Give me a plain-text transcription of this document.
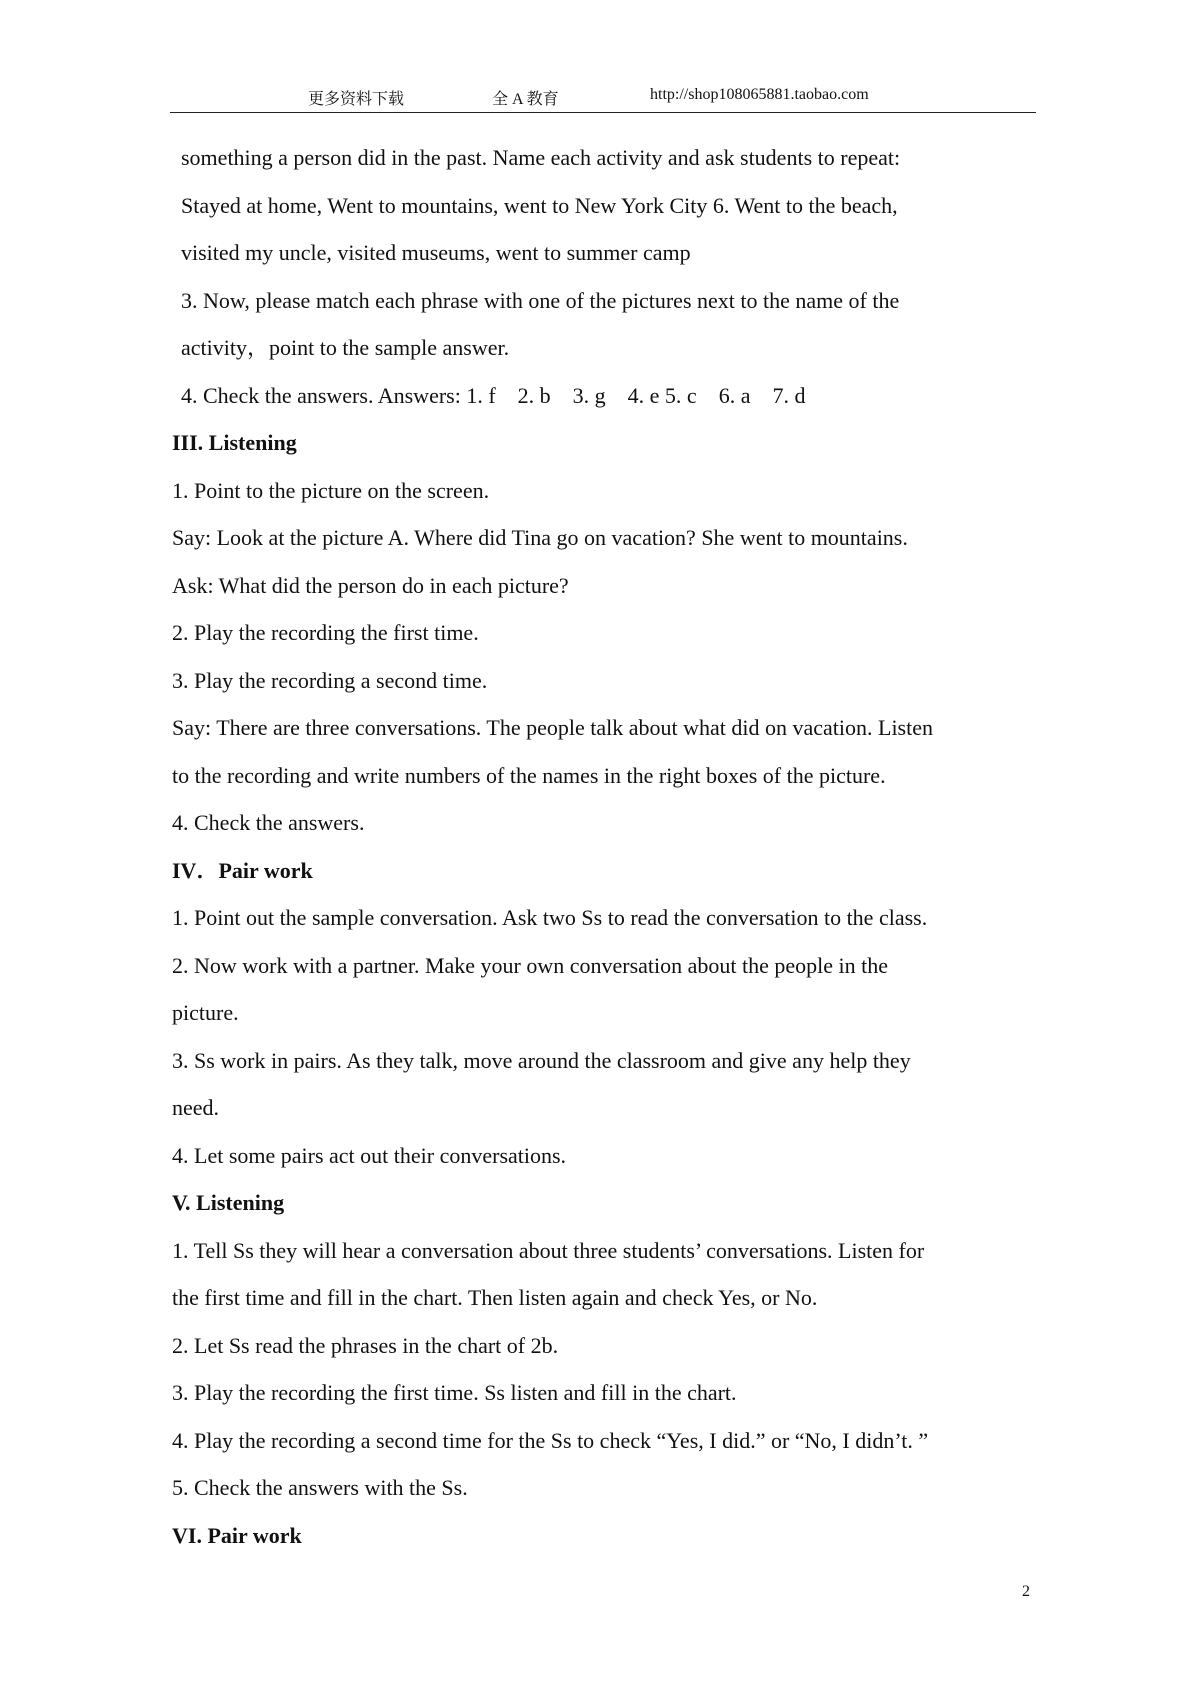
更多资料下载	全 A 教育	http://shop108065881.taobao.com

something a person did in the past. Name each activity and ask students to repeat:

Stayed at home, Went to mountains, went to New York City 6. Went to the beach,

visited my uncle, visited museums, went to summer camp

3. Now, please match each phrase with one of the pictures next to the name of the

activity，point to the sample answer.

4. Check the answers. Answers: 1. f    2. b    3. g    4. e 5. c    6. a    7. d

III. Listening

1. Point to the picture on the screen.

Say: Look at the picture A. Where did Tina go on vacation? She went to mountains.

Ask: What did the person do in each picture?

2. Play the recording the first time.

3. Play the recording a second time.

Say: There are three conversations. The people talk about what did on vacation. Listen

to the recording and write numbers of the names in the right boxes of the picture.

4. Check the answers.

IV．Pair work

1. Point out the sample conversation. Ask two Ss to read the conversation to the class.

2. Now work with a partner. Make your own conversation about the people in the

picture.

3. Ss work in pairs. As they talk, move around the classroom and give any help they

need.

4. Let some pairs act out their conversations.

V. Listening

1. Tell Ss they will hear a conversation about three students’ conversations. Listen for

the first time and fill in the chart. Then listen again and check Yes, or No.

2. Let Ss read the phrases in the chart of 2b.

3. Play the recording the first time. Ss listen and fill in the chart.

4. Play the recording a second time for the Ss to check “Yes, I did.” or “No, I didn’t. ”

5. Check the answers with the Ss.

VI. Pair work

2
